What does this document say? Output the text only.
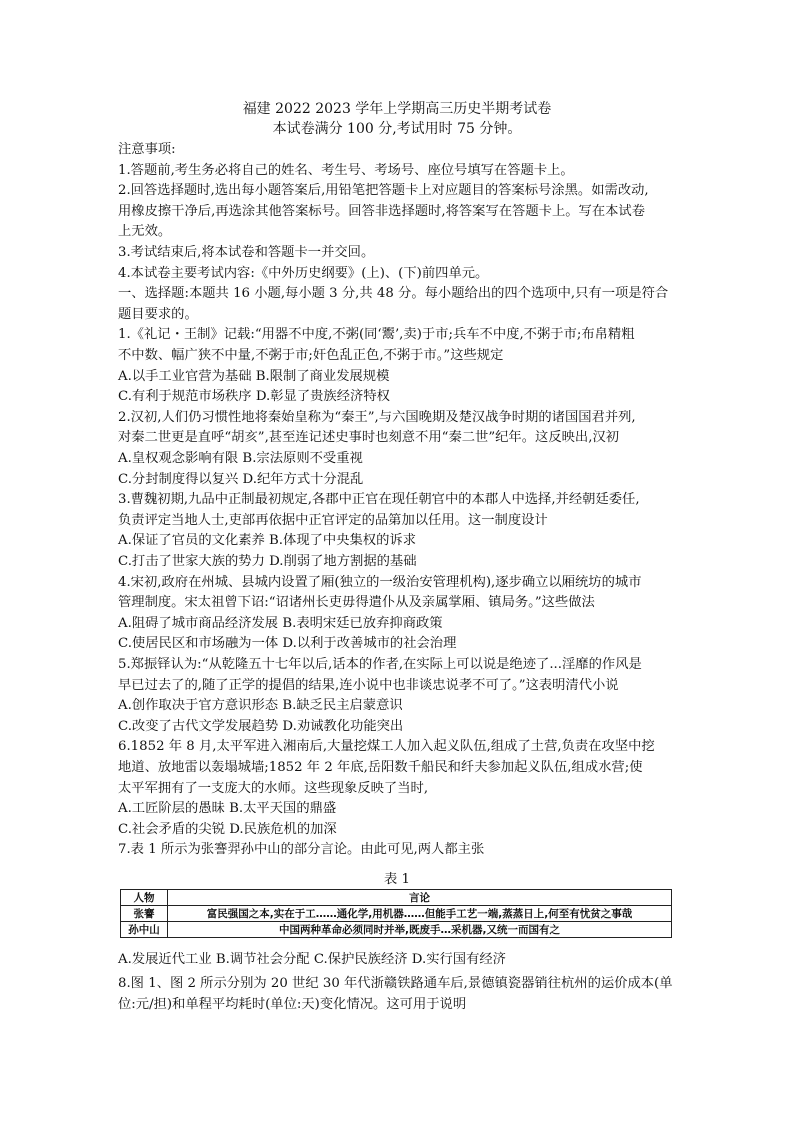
福建 2022 2023 学年上学期高三历史半期考试卷
本试卷满分 100 分,考试用时 75 分钟。
注意事项:
1.答题前,考生务必将自己的姓名、考生号、考场号、座位号填写在答题卡上。
2.回答选择题时,选出每小题答案后,用铅笔把答题卡上对应题目的答案标号涂黑。如需改动,
用橡皮擦干净后,再选涂其他答案标号。回答非选择题时,将答案写在答题卡上。写在本试卷
上无效。
3.考试结束后,将本试卷和答题卡一并交回。
4.本试卷主要考试内容:《中外历史纲要》(上)、(下)前四单元。
一、选择题:本题共 16 小题,每小题 3 分,共 48 分。每小题给出的四个选项中,只有一项是符合
题目要求的。
1.《礼记・王制》记载:“用器不中度,不粥(同‘鬻’,卖)于市;兵车不中度,不粥于市;布帛精粗
不中数、幅广狭不中量,不粥于市;奸色乱正色,不粥于市。”这些规定
A.以手工业官营为基础 B.限制了商业发展规模
C.有利于规范市场秩序 D.彰显了贵族经济特权
2.汉初,人们仍习惯性地将秦始皇称为“秦王”,与六国晚期及楚汉战争时期的诸国国君并列,
对秦二世更是直呼“胡亥”,甚至连记述史事时也刻意不用“秦二世”纪年。这反映出,汉初
A.皇权观念影响有限 B.宗法原则不受重视
C.分封制度得以复兴 D.纪年方式十分混乱
3.曹魏初期,九品中正制最初规定,各郡中正官在现任朝官中的本郡人中选择,并经朝廷委任,
负责评定当地人士,吏部再依据中正官评定的品第加以任用。这一制度设计
A.保证了官员的文化素养 B.体现了中央集权的诉求
C.打击了世家大族的势力 D.削弱了地方割据的基础
4.宋初,政府在州城、县城内设置了厢(独立的一级治安管理机构),逐步确立以厢统坊的城市
管理制度。宋太祖曾下诏:“诏诸州长吏毋得遣仆从及亲属掌厢、镇局务。”这些做法
A.阻碍了城市商品经济发展 B.表明宋廷已放弃抑商政策
C.使居民区和市场融为一体 D.以利于改善城市的社会治理
5.郑振铎认为:“从乾隆五十七年以后,话本的作者,在实际上可以说是绝迹了...淫靡的作风是
早已过去了的,随了正学的提倡的结果,连小说中也非谈忠说孝不可了。”这表明清代小说
A.创作取决于官方意识形态 B.缺乏民主启蒙意识
C.改变了古代文学发展趋势 D.劝诫教化功能突出
6.1852 年 8 月,太平军进入湘南后,大量挖煤工人加入起义队伍,组成了土营,负责在攻坚中挖
地道、放地雷以轰塌城墙;1852 年 2 年底,岳阳数千船民和纤夫参加起义队伍,组成水营;使
太平军拥有了一支庞大的水师。这些现象反映了当时,
A.工匠阶层的愚昧 B.太平天国的鼎盛
C.社会矛盾的尖锐 D.民族危机的加深
7.表 1 所示为张謇羿孙中山的部分言论。由此可见,两人都主张
表 1
人物	言论
张謇	富民强国之本,实在于工……通化学,用机器……但能手工艺一端,蒸蒸日上,何至有忧贫之事哉
孙中山	中国两种革命必须同时并举,既废手…采机器,又统一而国有之
A.发展近代工业 B.调节社会分配 C.保护民族经济 D.实行国有经济
8.图 1、图 2 所示分别为 20 世纪 30 年代浙赣铁路通车后,景德镇瓷器销往杭州的运价成本(单
位:元/担)和单程平均耗时(单位:天)变化情况。这可用于说明
